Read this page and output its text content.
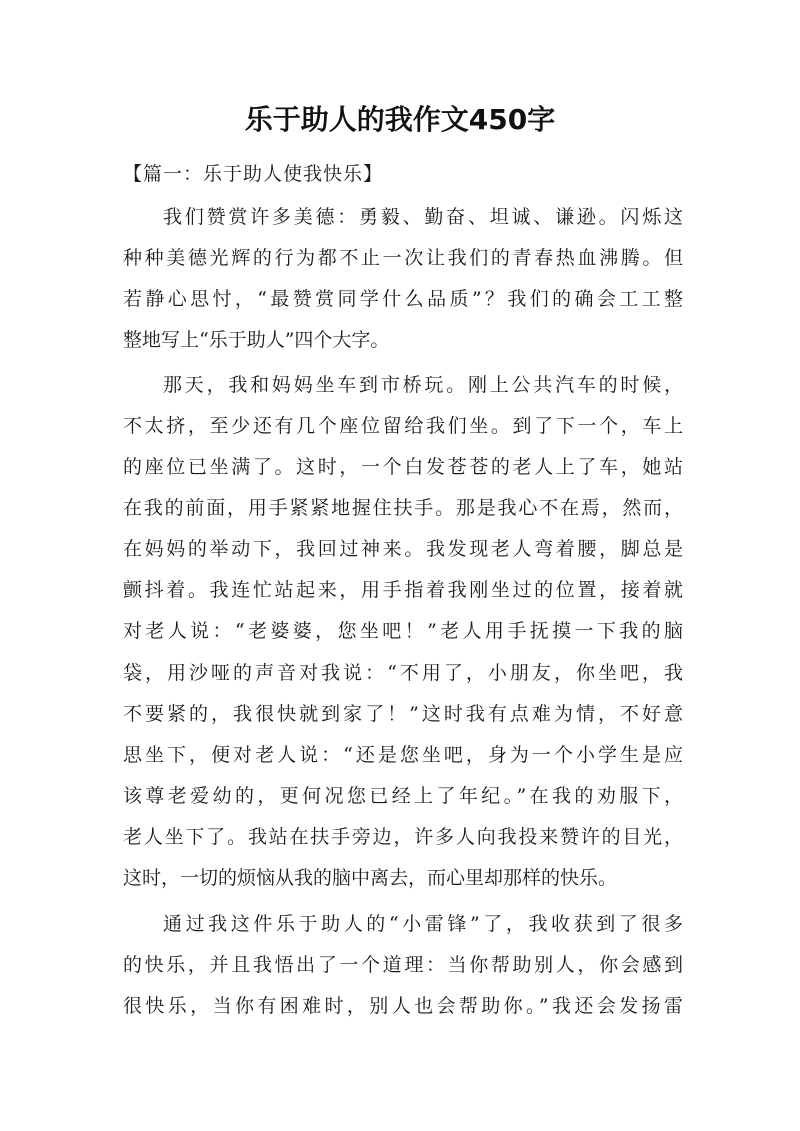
乐于助人的我作文450字

【篇一：乐于助人使我快乐】

我们赞赏许多美德：勇毅、勤奋、坦诚、谦逊。闪烁这

种种美德光辉的行为都不止一次让我们的青春热血沸腾。但

若静心思忖，“最赞赏同学什么品质”？我们的确会工工整

整地写上“乐于助人”四个大字。

那天，我和妈妈坐车到市桥玩。刚上公共汽车的时候，

不太挤，至少还有几个座位留给我们坐。到了下一个，车上

的座位已坐满了。这时，一个白发苍苍的老人上了车，她站

在我的前面，用手紧紧地握住扶手。那是我心不在焉，然而，

在妈妈的举动下，我回过神来。我发现老人弯着腰，脚总是

颤抖着。我连忙站起来，用手指着我刚坐过的位置，接着就

对老人说：“老婆婆，您坐吧！”老人用手抚摸一下我的脑

袋，用沙哑的声音对我说：“不用了，小朋友，你坐吧，我

不要紧的，我很快就到家了！”这时我有点难为情，不好意

思坐下，便对老人说：“还是您坐吧，身为一个小学生是应

该尊老爱幼的，更何况您已经上了年纪。”在我的劝服下，

老人坐下了。我站在扶手旁边，许多人向我投来赞许的目光，

这时，一切的烦恼从我的脑中离去，而心里却那样的快乐。

通过我这件乐于助人的“小雷锋”了，我收获到了很多

的快乐，并且我悟出了一个道理：当你帮助别人，你会感到

很快乐，当你有困难时，别人也会帮助你。”我还会发扬雷
